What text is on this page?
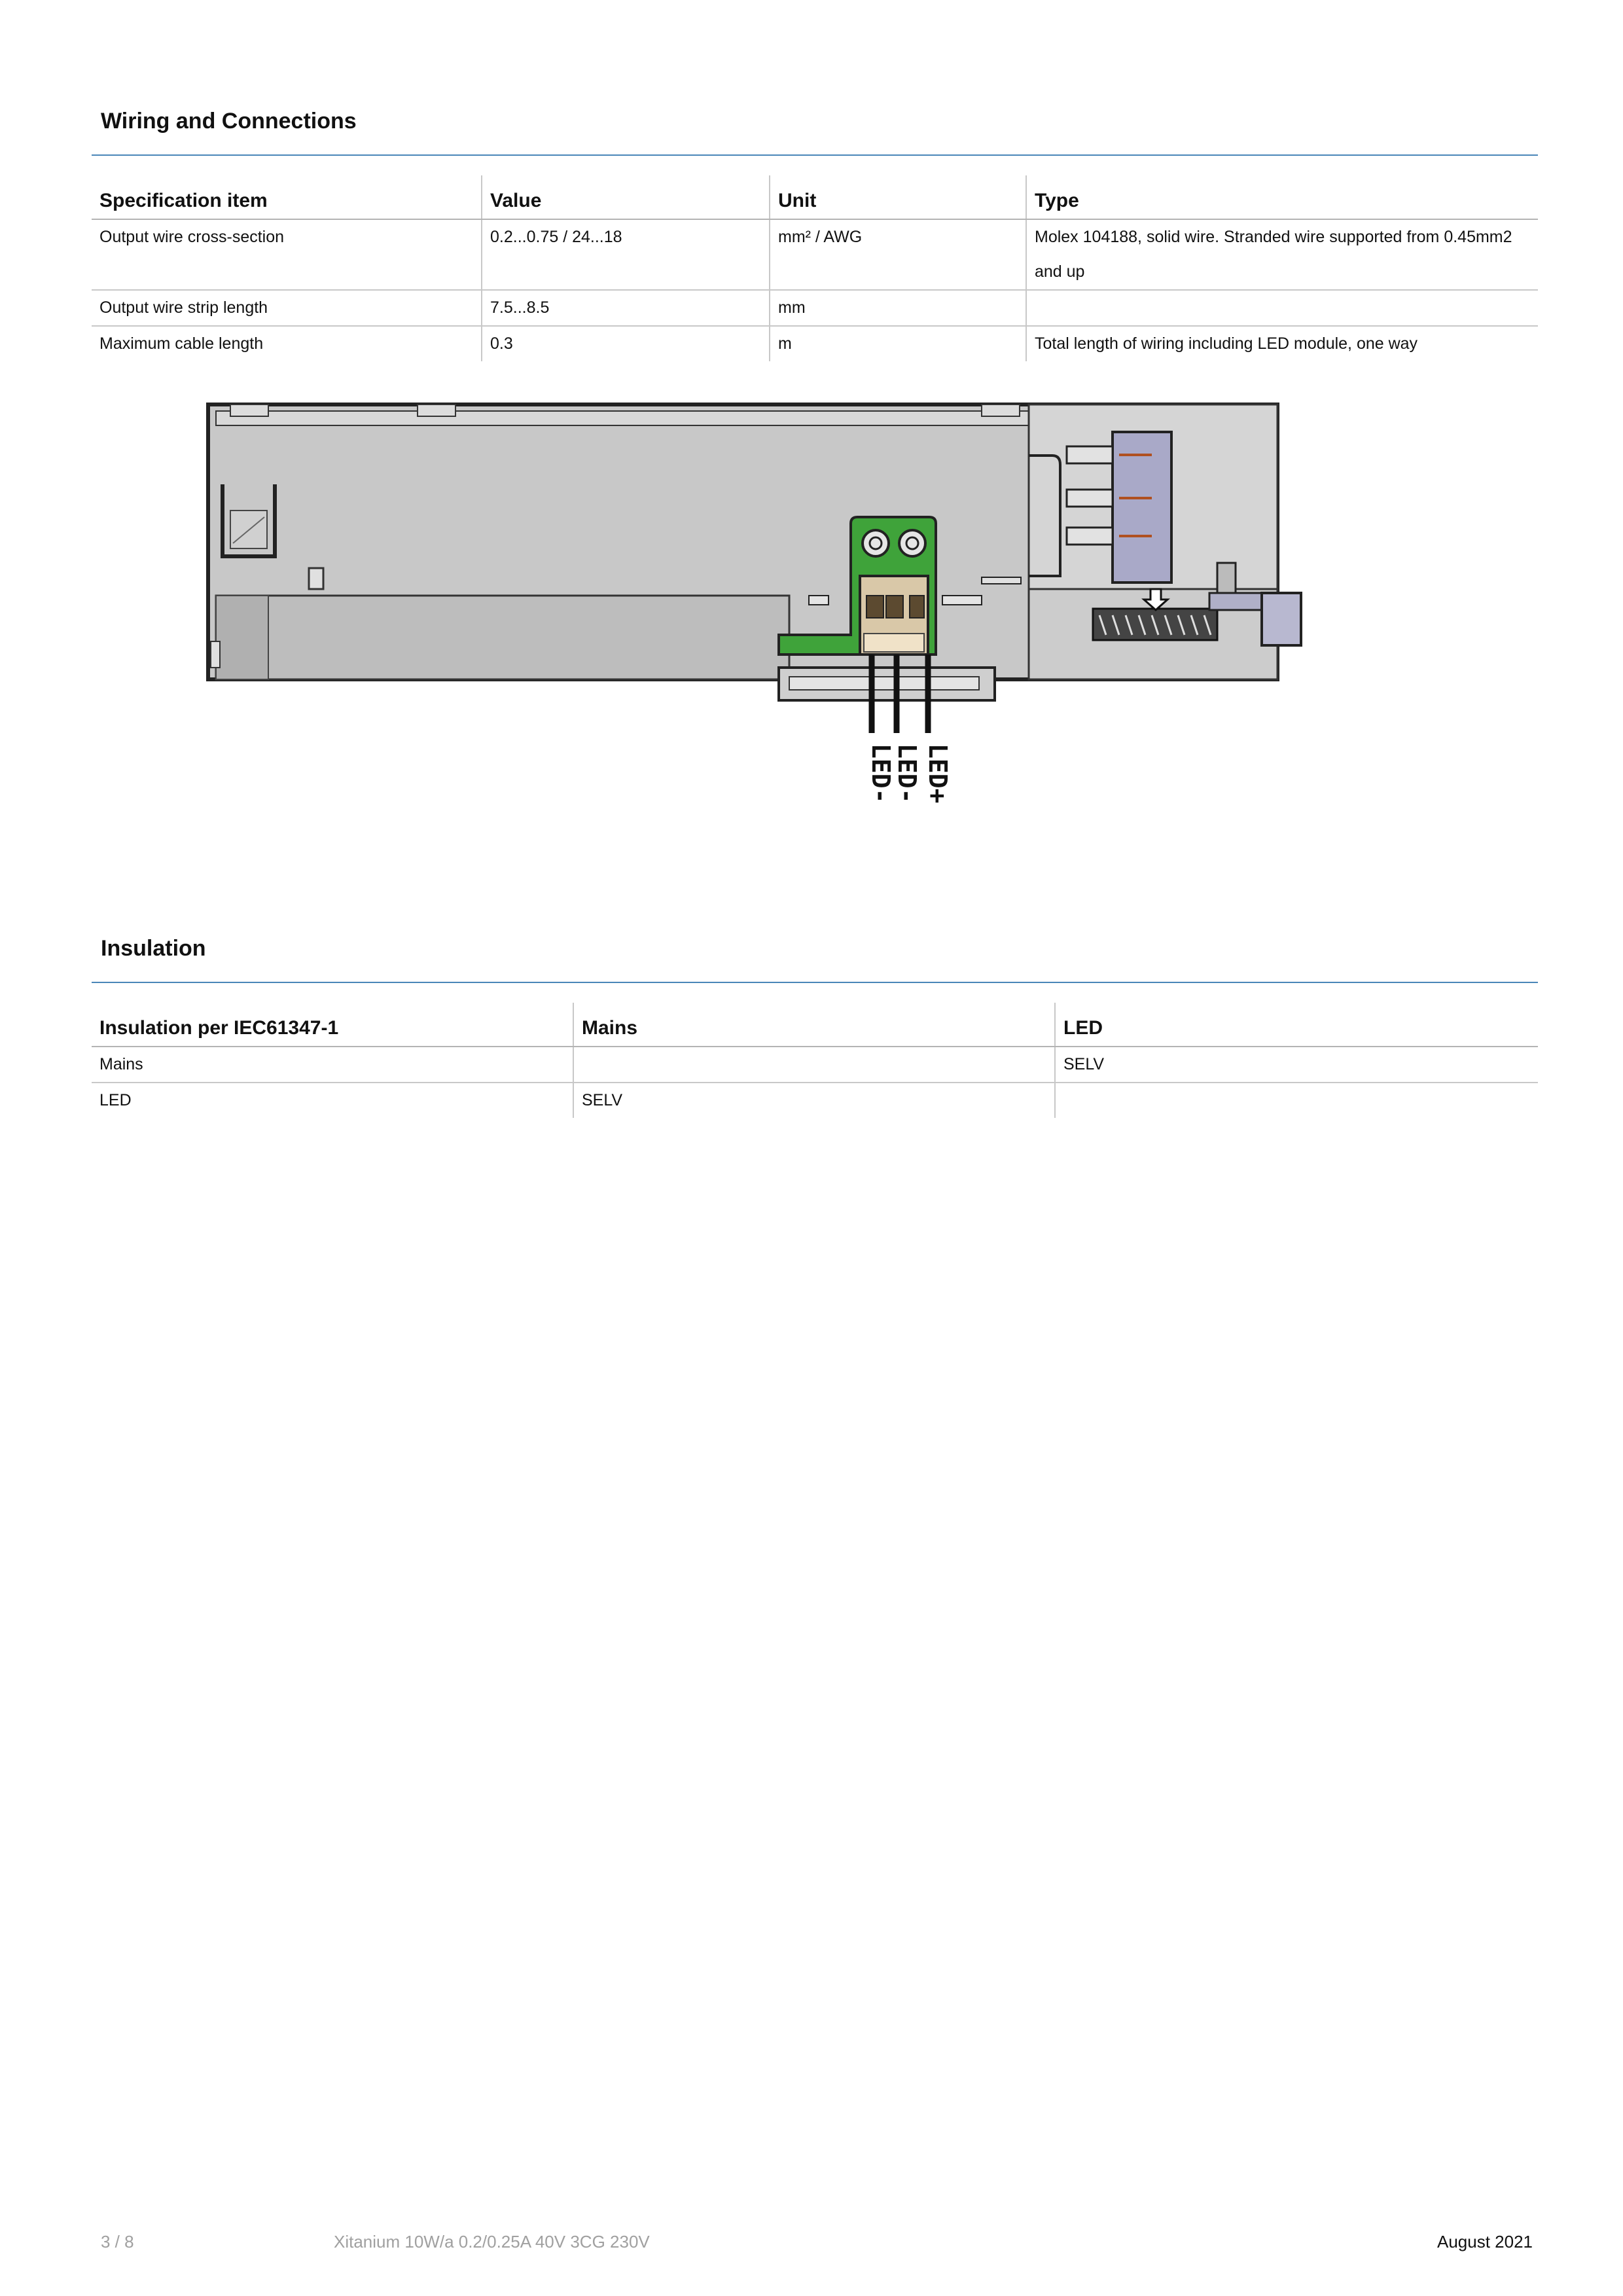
Wiring and Connections
Specification item	Value	Unit	Type
Output wire cross-section	0.2...0.75 / 24...18	mm² / AWG	Molex 104188, solid wire. Stranded wire supported from 0.45mm2 and up
Output wire strip length	7.5...8.5	mm	
Maximum cable length	0.3	m	Total length of wiring including LED module, one way
LED-
LED- LED+
Insulation
Insulation per IEC61347-1	Mains	LED
Mains		SELV
LED	SELV	
3 / 8	Xitanium 10W/a 0.2/0.25A 40V 3CG 230V	August 2021
